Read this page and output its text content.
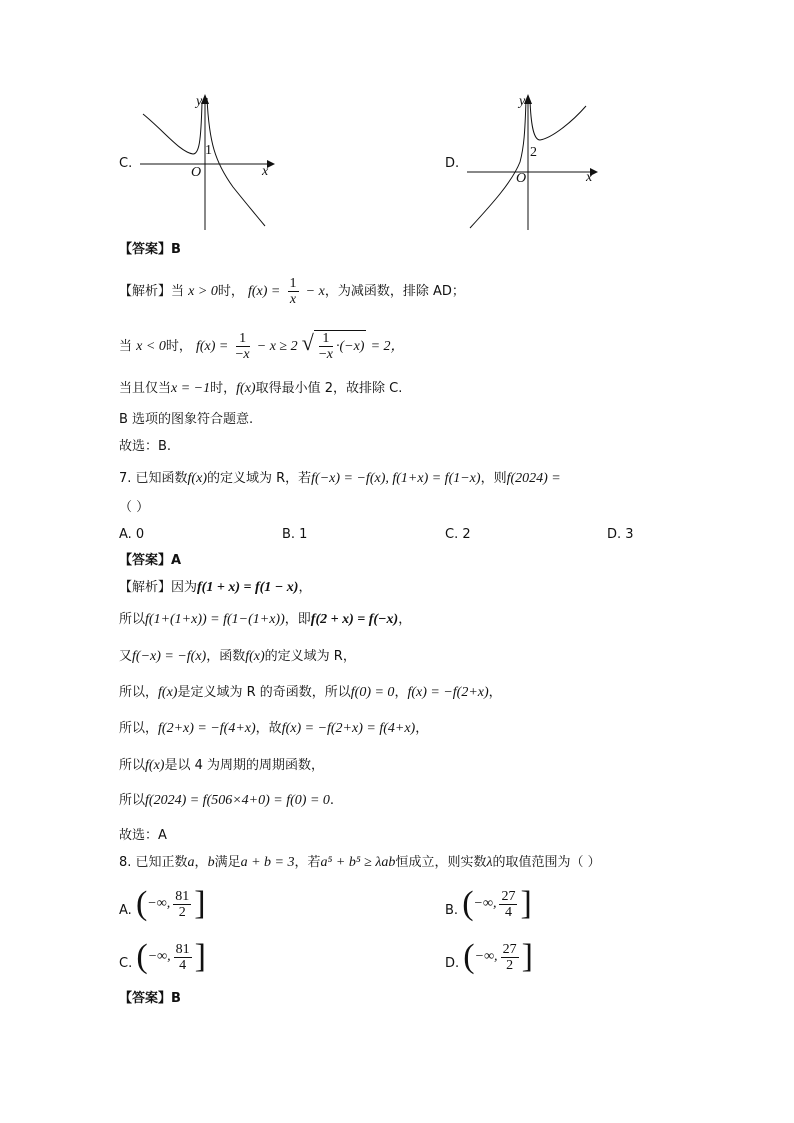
C.
y
x
O
1
D.
y
x
O
2
【答案】B
【解析】当 x > 0时， $f(x) = \frac{1}{x} - x$，为减函数，排除 AD；
当 x < 0时， $f(x) = \frac{1}{-x} - x \ge 2$ √ $\frac{1}{-x} \cdot(-x) = 2$，
当且仅当x = −1时，f(x)取得最小值 2，故排除 C.
B 选项的图象符合题意.
故选：B.
7. 已知函数f(x)的定义域为 R，若f(−x) = −f(x), f(1+x) = f(1−x)，则f(2024) =
（ ）
A. 0	B. 1	C. 2	D. 3
【答案】A
【解析】因为f(1 + x) = f(1 − x)，
所以f(1+(1+x)) = f(1−(1+x))，即f(2 + x) = f(−x)，
又f(−x) = −f(x)，函数f(x)的定义域为 R，
所以，f(x)是定义域为 R 的奇函数，所以f(0) = 0，f(x) = −f(2+x)，
所以，f(2+x) = −f(4+x)，故f(x) = −f(2+x) = f(4+x)，
所以f(x)是以 4 为周期的周期函数，
所以f(2024) = f(506×4+0) = f(0) = 0.
故选：A
8. 已知正数a，b满足a + b = 3，若a⁵ + b⁵ ≥ λab恒成立，则实数λ的取值范围为（ ）
A. ( −∞, $\frac{81}{2}$ ]	B. ( −∞, $\frac{27}{4}$ ]
C. ( −∞, $\frac{81}{4}$ ]	D. ( −∞, $\frac{27}{2}$ ]
【答案】B
